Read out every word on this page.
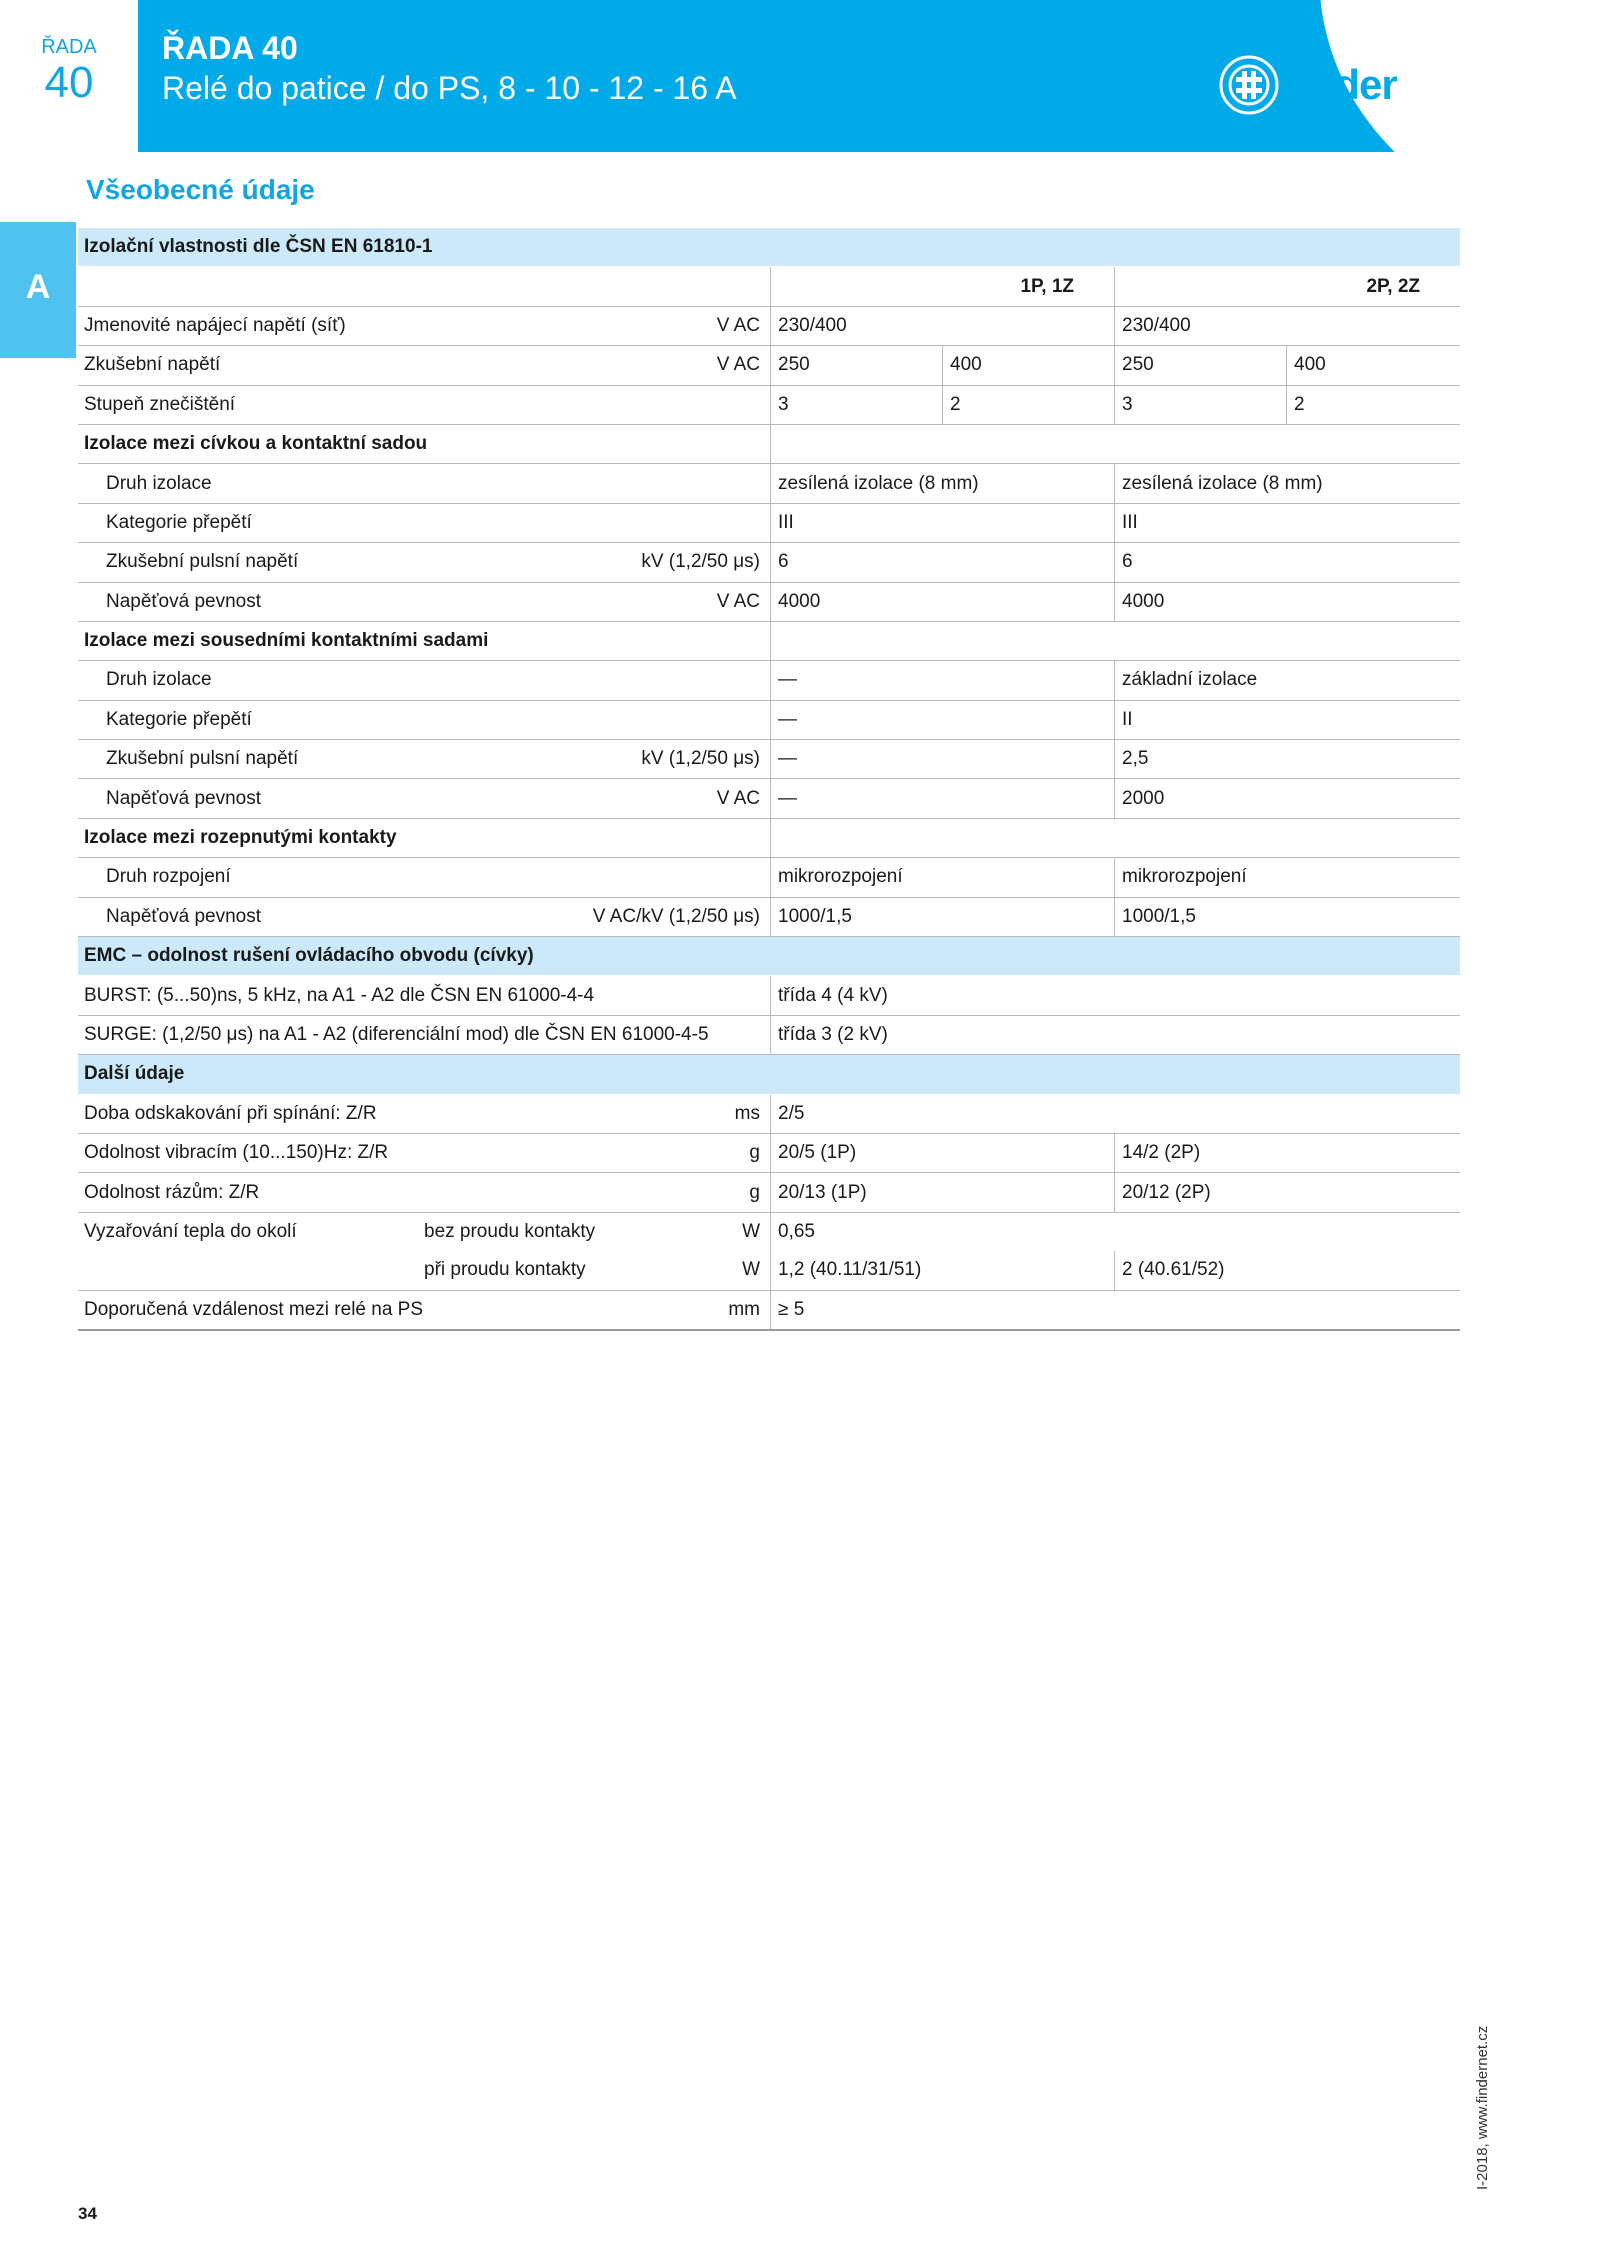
ŘADA
40
ŘADA 40
Relé do patice / do PS, 8 - 10 - 12 - 16 A	finder
A
Všeobecné údaje
Izolační vlastnosti dle ČSN EN 61810-1
1P, 1Z	2P, 2Z
Jmenovité napájecí napětí (síť)	V AC 230/400	230/400
Zkušební napětí	V AC 250	400	250	400
Stupeň znečištění	3	2	3	2
Izolace mezi cívkou a kontaktní sadou
Druh izolace	zesílená izolace (8 mm)	zesílená izolace (8 mm)
Kategorie přepětí	III	III
Zkušební pulsní napětí	kV (1,2/50 μs) 6	6
Napěťová pevnost	V AC 4000	4000
Izolace mezi sousedními kontaktními sadami
Druh izolace	—	základní izolace
Kategorie přepětí	—	II
Zkušební pulsní napětí	kV (1,2/50 μs) —	2,5
Napěťová pevnost	V AC —	2000
Izolace mezi rozepnutými kontakty
Druh rozpojení	mikrorozpojení	mikrorozpojení
Napěťová pevnost	V AC/kV (1,2/50 μs) 1000/1,5	1000/1,5
EMC – odolnost rušení ovládacího obvodu (cívky)
BURST: (5...50)ns, 5 kHz, na A1 - A2 dle ČSN EN 61000-4-4	třída 4 (4 kV)
SURGE: (1,2/50 μs) na A1 - A2 (diferenciální mod) dle ČSN EN 61000-4-5	třída 3 (2 kV)
Další údaje
Doba odskakování při spínání: Z/R	ms 2/5
Odolnost vibracím (10...150)Hz: Z/R	g 20/5 (1P)	14/2 (2P)
Odolnost rázům: Z/R	g 20/13 (1P)	20/12 (2P)
Vyzařování tepla do okolí	bez proudu kontakty	W 0,65
při proudu kontakty	W 1,2 (40.11/31/51)	2 (40.61/52)
Doporučená vzdálenost mezi relé na PS	mm ≥ 5
34
I-2018, www.findernet.cz
